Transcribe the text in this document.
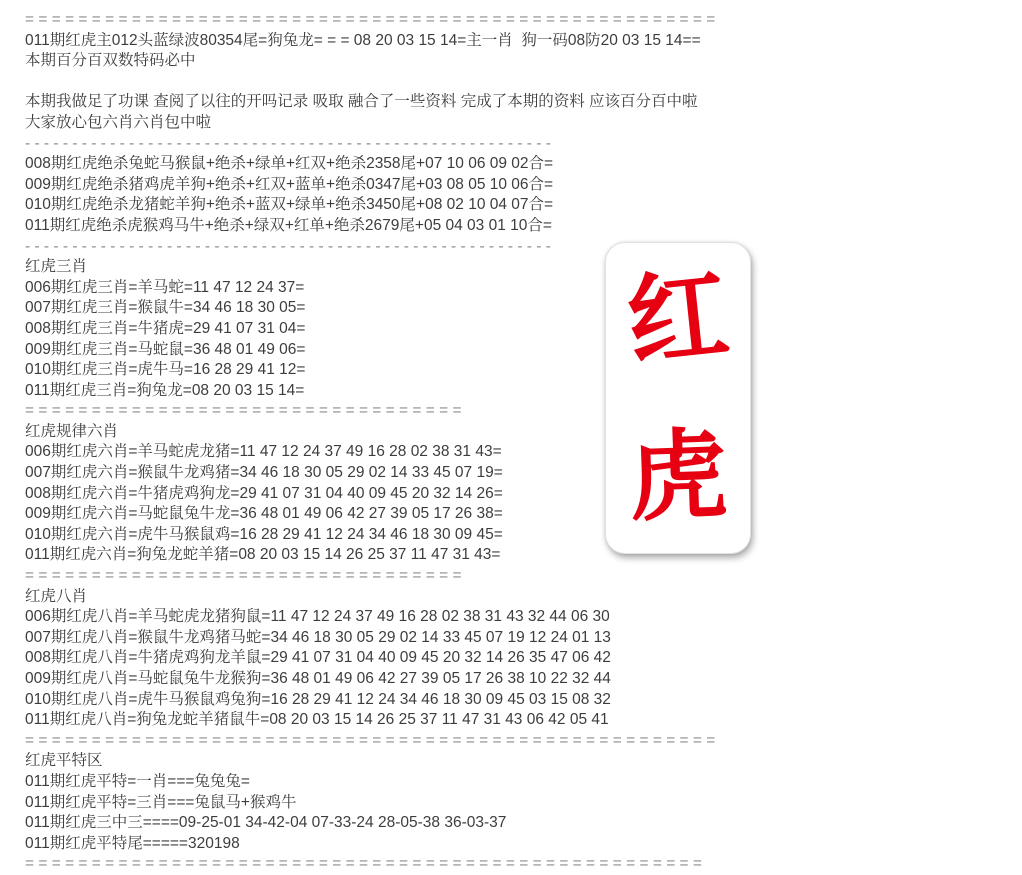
= = = = = = = = = = = = = = = = = = = = = = = = = = = = = = = = = = = = = = = = = = = = = = = = = = = =
011期红虎主012头蓝绿波80354尾=狗兔龙= = = 08 20 03 15 14=主一肖  狗一码08防20 03 15 14==
本期百分百双数特码必中
本期我做足了功课 查阅了以往的开吗记录 吸取 融合了一些资料 完成了本期的资料 应该百分百中啦
大家放心包六肖六肖包中啦
- - - - - - - - - - - - - - - - - - - - - - - - - - - - - - - - - - - - - - - - - - - - - - - - - - - - - - - -
008期红虎绝杀兔蛇马猴鼠+绝杀+绿单+红双+绝杀2358尾+07 10 06 09 02合=
009期红虎绝杀猪鸡虎羊狗+绝杀+红双+蓝单+绝杀0347尾+03 08 05 10 06合=
010期红虎绝杀龙猪蛇羊狗+绝杀+蓝双+绿单+绝杀3450尾+08 02 10 04 07合=
011期红虎绝杀虎猴鸡马牛+绝杀+绿双+红单+绝杀2679尾+05 04 03 01 10合=
- - - - - - - - - - - - - - - - - - - - - - - - - - - - - - - - - - - - - - - - - - - - - - - - - - - - - - - -
红虎三肖
006期红虎三肖=羊马蛇=11 47 12 24 37=
007期红虎三肖=猴鼠牛=34 46 18 30 05=
008期红虎三肖=牛猪虎=29 41 07 31 04=
009期红虎三肖=马蛇鼠=36 48 01 49 06=
010期红虎三肖=虎牛马=16 28 29 41 12=
011期红虎三肖=狗兔龙=08 20 03 15 14=
= = = = = = = = = = = = = = = = = = = = = = = = = = = = = = = = =
红虎规律六肖
006期红虎六肖=羊马蛇虎龙猪=11 47 12 24 37 49 16 28 02 38 31 43=
007期红虎六肖=猴鼠牛龙鸡猪=34 46 18 30 05 29 02 14 33 45 07 19=
008期红虎六肖=牛猪虎鸡狗龙=29 41 07 31 04 40 09 45 20 32 14 26=
009期红虎六肖=马蛇鼠兔牛龙=36 48 01 49 06 42 27 39 05 17 26 38=
010期红虎六肖=虎牛马猴鼠鸡=16 28 29 41 12 24 34 46 18 30 09 45=
011期红虎六肖=狗兔龙蛇羊猪=08 20 03 15 14 26 25 37 11 47 31 43=
= = = = = = = = = = = = = = = = = = = = = = = = = = = = = = = = =
红虎八肖
006期红虎八肖=羊马蛇虎龙猪狗鼠=11 47 12 24 37 49 16 28 02 38 31 43 32 44 06 30
007期红虎八肖=猴鼠牛龙鸡猪马蛇=34 46 18 30 05 29 02 14 33 45 07 19 12 24 01 13
008期红虎八肖=牛猪虎鸡狗龙羊鼠=29 41 07 31 04 40 09 45 20 32 14 26 35 47 06 42
009期红虎八肖=马蛇鼠兔牛龙猴狗=36 48 01 49 06 42 27 39 05 17 26 38 10 22 32 44
010期红虎八肖=虎牛马猴鼠鸡兔狗=16 28 29 41 12 24 34 46 18 30 09 45 03 15 08 32
011期红虎八肖=狗兔龙蛇羊猪鼠牛=08 20 03 15 14 26 25 37 11 47 31 43 06 42 05 41
= = = = = = = = = = = = = = = = = = = = = = = = = = = = = = = = = = = = = = = = = = = = = = = = = = = =
红虎平特区
011期红虎平特=一肖===兔兔兔=
011期红虎平特=三肖===兔鼠马+猴鸡牛
011期红虎三中三====09-25-01 34-42-04 07-33-24 28-05-38 36-03-37
011期红虎平特尾=====320198
= = = = = = = = = = = = = = = = = = = = = = = = = = = = = = = = = = = = = = = = = = = = = = = = = = =
红
虎
